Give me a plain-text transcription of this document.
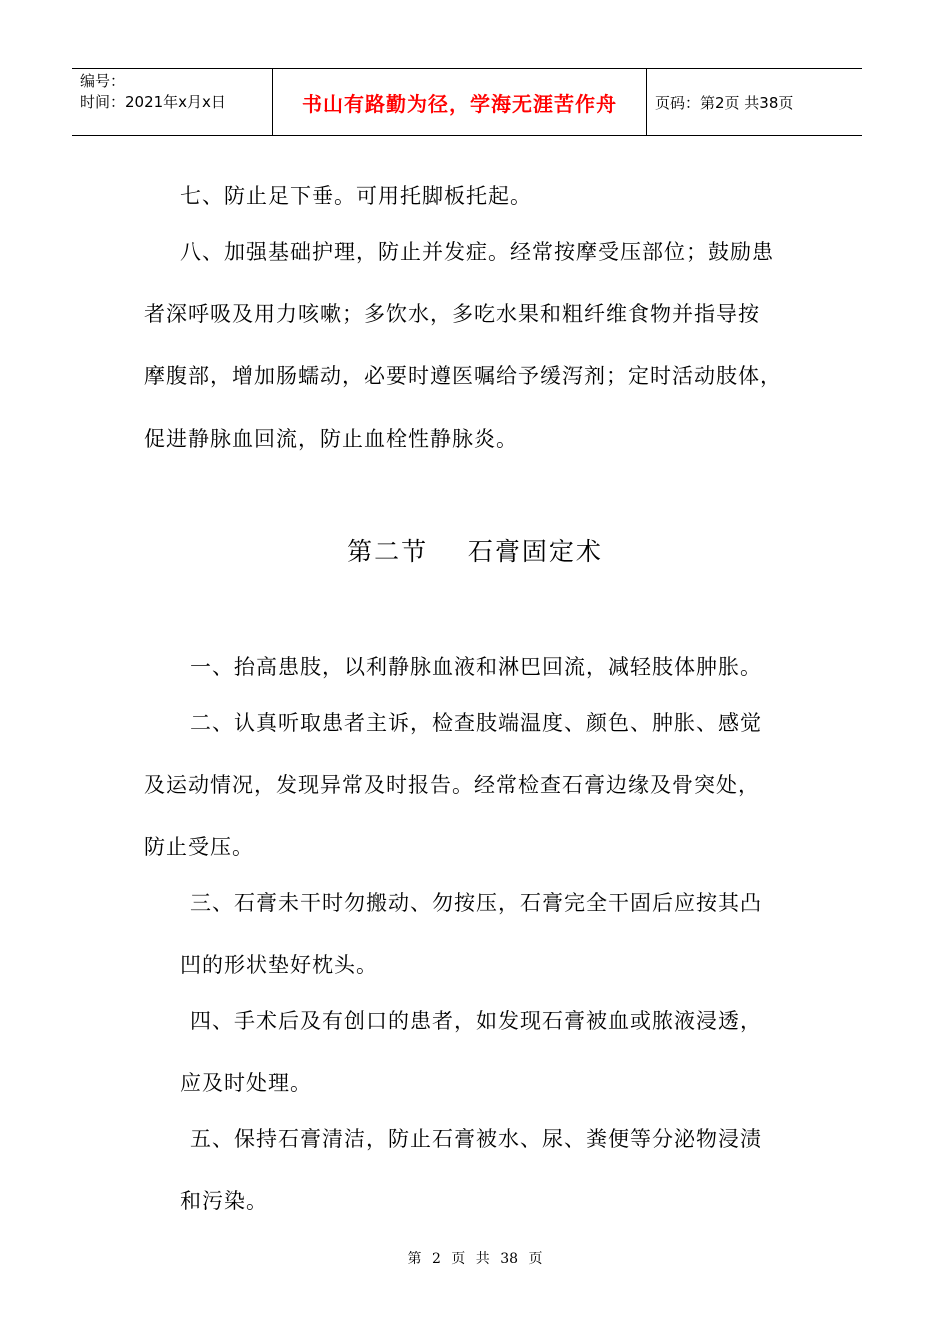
编号：
时间：2021年x月x日	书山有路勤为径，学海无涯苦作舟	页码：第2页 共38页

七、防止足下垂。可用托脚板托起。

八、加强基础护理，防止并发症。经常按摩受压部位；鼓励患

者深呼吸及用力咳嗽；多饮水，多吃水果和粗纤维食物并指导按

摩腹部，增加肠蠕动，必要时遵医嘱给予缓泻剂；定时活动肢体，

促进静脉血回流，防止血栓性静脉炎。

第二节    石膏固定术

一、抬高患肢，以利静脉血液和淋巴回流，减轻肢体肿胀。

二、认真听取患者主诉，检查肢端温度、颜色、肿胀、感觉

及运动情况，发现异常及时报告。经常检查石膏边缘及骨突处，

防止受压。

三、石膏未干时勿搬动、勿按压，石膏完全干固后应按其凸

凹的形状垫好枕头。

四、手术后及有创口的患者，如发现石膏被血或脓液浸透，

应及时处理。

五、保持石膏清洁，防止石膏被水、尿、粪便等分泌物浸渍

和污染。

第 2 页 共 38 页
